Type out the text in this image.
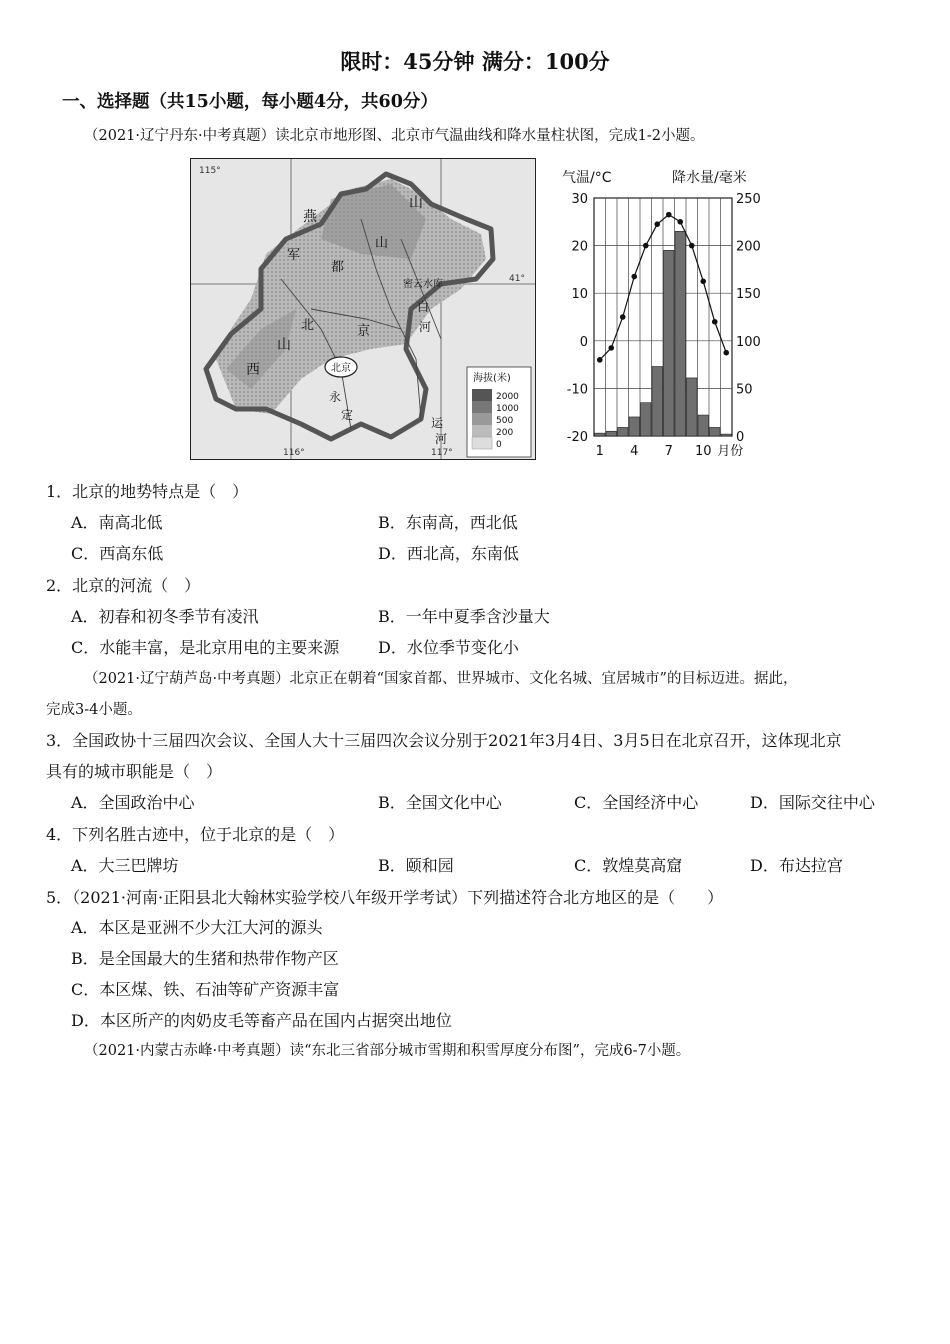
限时：45分钟 满分：100分
一、选择题（共15小题，每小题4分，共60分）
（2021·辽宁丹东·中考真题）读北京市地形图、北京市气温曲线和降水量柱状图，完成1-2小题。
燕
山
军
都
山
西
山
北	京
北京
密云水库
白
河
永
定
运
河
115°
116°	117°
41°
海拔(米)
2000
1000
500
200
0
气温/°C	降水量/毫米
30
20
10
0
-10
-20
250
200
150
100
50
0
1 4 7 10 月份
1．北京的地势特点是（　）
A．南高北低	B．东南高，西北低
C．西高东低	D．西北高，东南低
2．北京的河流（　）
A．初春和初冬季节有凌汛	B．一年中夏季含沙量大
C．水能丰富，是北京用电的主要来源 D．水位季节变化小
（2021·辽宁葫芦岛·中考真题）北京正在朝着“国家首都、世界城市、文化名城、宜居城市”的目标迈进。据此，
完成3-4小题。
3．全国政协十三届四次会议、全国人大十三届四次会议分别于2021年3月4日、3月5日在北京召开，这体现北京
具有的城市职能是（　）
A．全国政治中心	B．全国文化中心	C．全国经济中心	D．国际交往中心
4．下列名胜古迹中，位于北京的是（　）
A．大三巴牌坊	B．颐和园	C．敦煌莫高窟	D．布达拉宫
5．（2021·河南·正阳县北大翰林实验学校八年级开学考试）下列描述符合北方地区的是（　　）
A．本区是亚洲不少大江大河的源头
B．是全国最大的生猪和热带作物产区
C．本区煤、铁、石油等矿产资源丰富
D．本区所产的肉奶皮毛等畜产品在国内占据突出地位
（2021·内蒙古赤峰·中考真题）读“东北三省部分城市雪期和积雪厚度分布图”，完成6-7小题。
